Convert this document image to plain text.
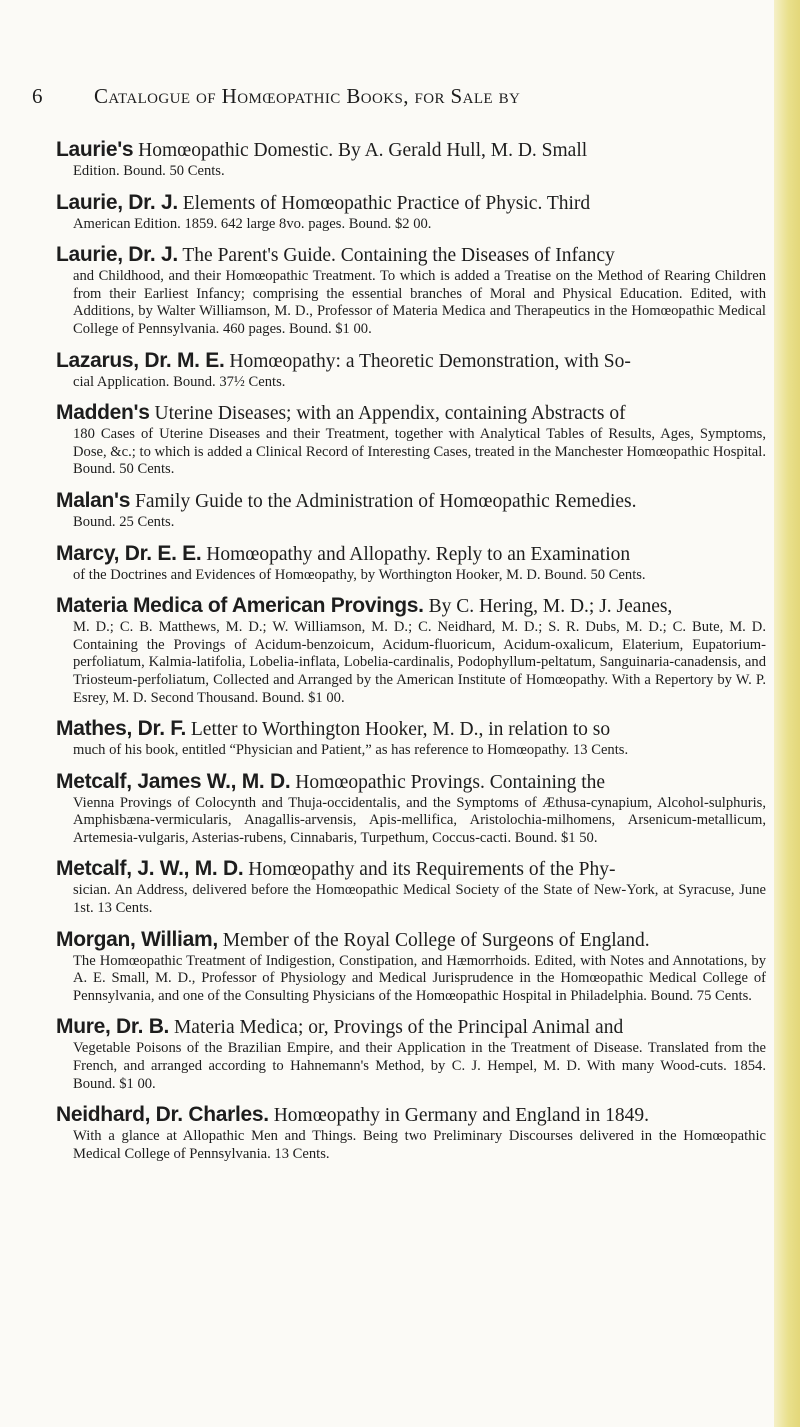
6 Catalogue of Homœopathic Books, for Sale by

Laurie's Homœopathic Domestic. By A. Gerald Hull, M. D. Small

Edition. Bound. 50 Cents.

Laurie, Dr. J. Elements of Homœopathic Practice of Physic. Third

American Edition. 1859. 642 large 8vo. pages. Bound. $2 00.

Laurie, Dr. J. The Parent's Guide. Containing the Diseases of Infancy

and Childhood, and their Homœopathic Treatment. To which is added a Treatise on the Method of Rearing Children from their Earliest Infancy; comprising the essential branches of Moral and Physical Education. Edited, with Additions, by Walter Williamson, M. D., Professor of Materia Medica and Therapeutics in the Homœopathic Medical College of Pennsylvania. 460 pages. Bound. $1 00.

Lazarus, Dr. M. E. Homœopathy: a Theoretic Demonstration, with So-

cial Application. Bound. 37½ Cents.

Madden's Uterine Diseases; with an Appendix, containing Abstracts of

180 Cases of Uterine Diseases and their Treatment, together with Analytical Tables of Results, Ages, Symptoms, Dose, &c.; to which is added a Clinical Record of Interesting Cases, treated in the Manchester Homœopathic Hospital. Bound. 50 Cents.

Malan's Family Guide to the Administration of Homœopathic Remedies.

Bound. 25 Cents.

Marcy, Dr. E. E. Homœopathy and Allopathy. Reply to an Examination

of the Doctrines and Evidences of Homœopathy, by Worthington Hooker, M. D. Bound. 50 Cents.

Materia Medica of American Provings. By C. Hering, M. D.; J. Jeanes,

M. D.; C. B. Matthews, M. D.; W. Williamson, M. D.; C. Neidhard, M. D.; S. R. Dubs, M. D.; C. Bute, M. D. Containing the Provings of Acidum-benzoicum, Acidum-fluoricum, Acidum-oxalicum, Elaterium, Eupatorium-perfoliatum, Kalmia-latifolia, Lobelia-inflata, Lobelia-cardinalis, Podophyllum-peltatum, Sanguinaria-canadensis, and Triosteum-perfoliatum, Collected and Arranged by the American Institute of Homœopathy. With a Repertory by W. P. Esrey, M. D. Second Thousand. Bound. $1 00.

Mathes, Dr. F. Letter to Worthington Hooker, M. D., in relation to so

much of his book, entitled “Physician and Patient,” as has reference to Homœopathy. 13 Cents.

Metcalf, James W., M. D. Homœopathic Provings. Containing the

Vienna Provings of Colocynth and Thuja-occidentalis, and the Symptoms of Æthusa-cynapium, Alcohol-sulphuris, Amphisbæna-vermicularis, Anagallis-arvensis, Apis-mellifica, Aristolochia-milhomens, Arsenicum-metallicum, Artemesia-vulgaris, Asterias-rubens, Cinnabaris, Turpethum, Coccus-cacti. Bound. $1 50.

Metcalf, J. W., M. D. Homœopathy and its Requirements of the Phy-

sician. An Address, delivered before the Homœopathic Medical Society of the State of New-York, at Syracuse, June 1st. 13 Cents.

Morgan, William, Member of the Royal College of Surgeons of England.

The Homœopathic Treatment of Indigestion, Constipation, and Hæmorrhoids. Edited, with Notes and Annotations, by A. E. Small, M. D., Professor of Physiology and Medical Jurisprudence in the Homœopathic Medical College of Pennsylvania, and one of the Consulting Physicians of the Homœopathic Hospital in Philadelphia. Bound. 75 Cents.

Mure, Dr. B. Materia Medica; or, Provings of the Principal Animal and

Vegetable Poisons of the Brazilian Empire, and their Application in the Treatment of Disease. Translated from the French, and arranged according to Hahnemann's Method, by C. J. Hempel, M. D. With many Wood-cuts. 1854. Bound. $1 00.

Neidhard, Dr. Charles. Homœopathy in Germany and England in 1849.

With a glance at Allopathic Men and Things. Being two Preliminary Discourses delivered in the Homœopathic Medical College of Pennsylvania. 13 Cents.
